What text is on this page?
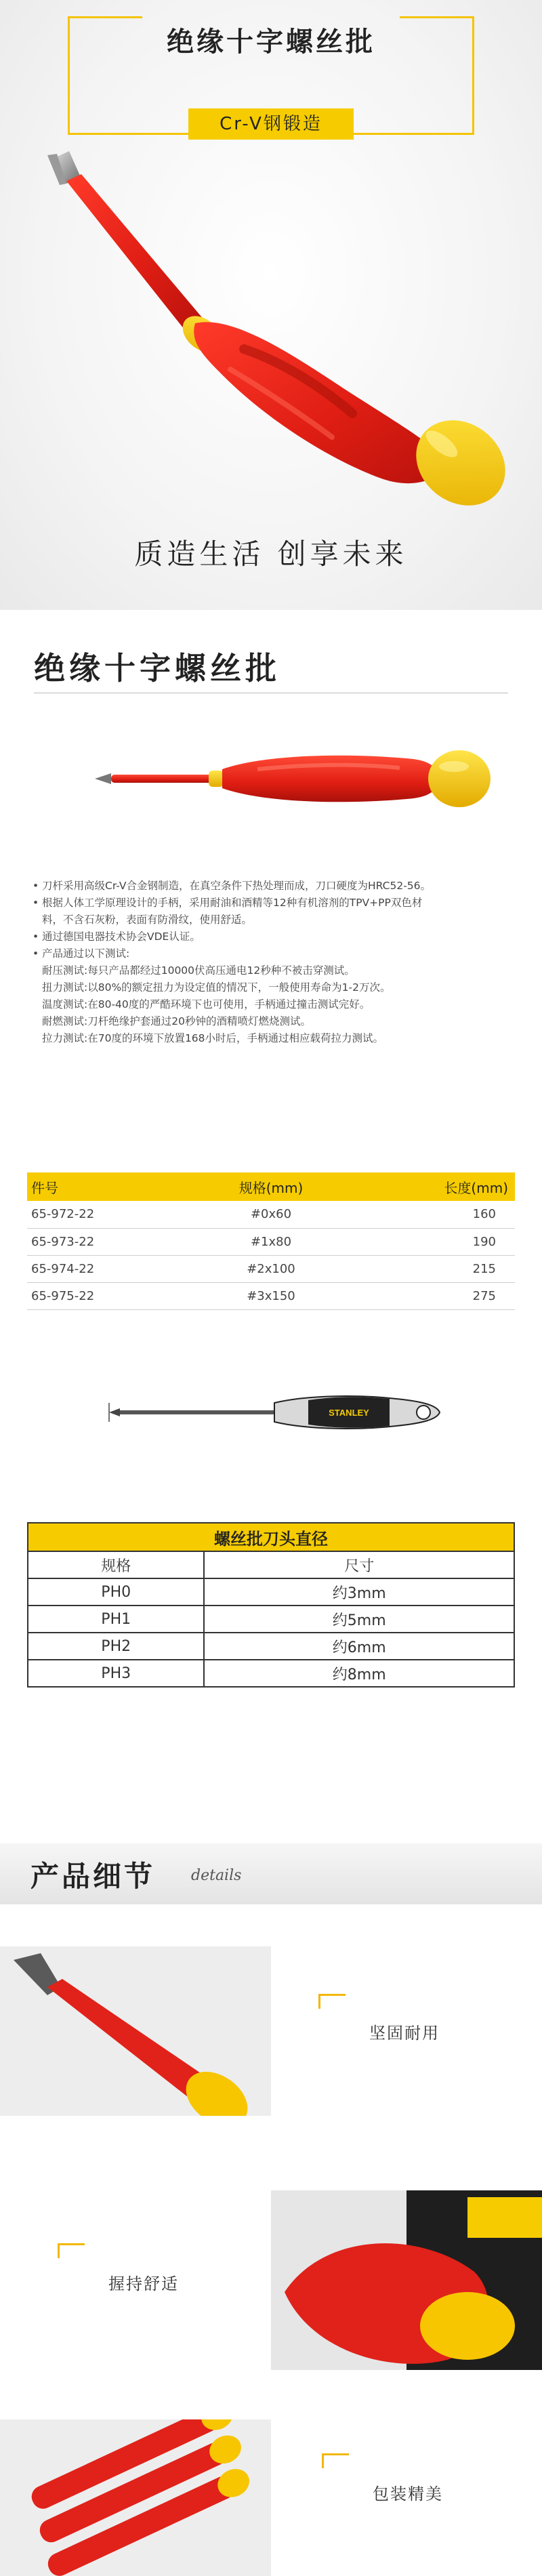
绝缘十字螺丝批
Cr-V钢锻造
质造生活 创享未来
绝缘十字螺丝批
• 刀杆采用高级Cr-V合金钢制造，在真空条件下热处理而成，刀口硬度为HRC52-56。
• 根据人体工学原理设计的手柄，采用耐油和酒精等12种有机溶剂的TPV+PP双色材
料，不含石灰粉，表面有防滑纹，使用舒适。
• 通过德国电器技术协会VDE认证。
• 产品通过以下测试:
耐压测试:每只产品都经过10000伏高压通电12秒种不被击穿测试。
扭力测试:以80%的额定扭力为设定值的情况下，一般使用寿命为1-2万次。
温度测试:在80-40度的严酷环境下也可使用，手柄通过撞击测试完好。
耐燃测试:刀杆绝缘护套通过20秒钟的酒精喷灯燃烧测试。
拉力测试:在70度的环境下放置168小时后，手柄通过相应载荷拉力测试。
件号	规格(mm)	长度(mm)
65-972-22	#0x60	160
65-973-22	#1x80	190
65-974-22	#2x100	215
65-975-22	#3x150	275
STANLEY
螺丝批刀头直径	
规格	尺寸
PH0	约3mm
PH1	约5mm
PH2	约6mm
PH3	约8mm
产品细节 details
坚固耐用
握持舒适
包装精美
